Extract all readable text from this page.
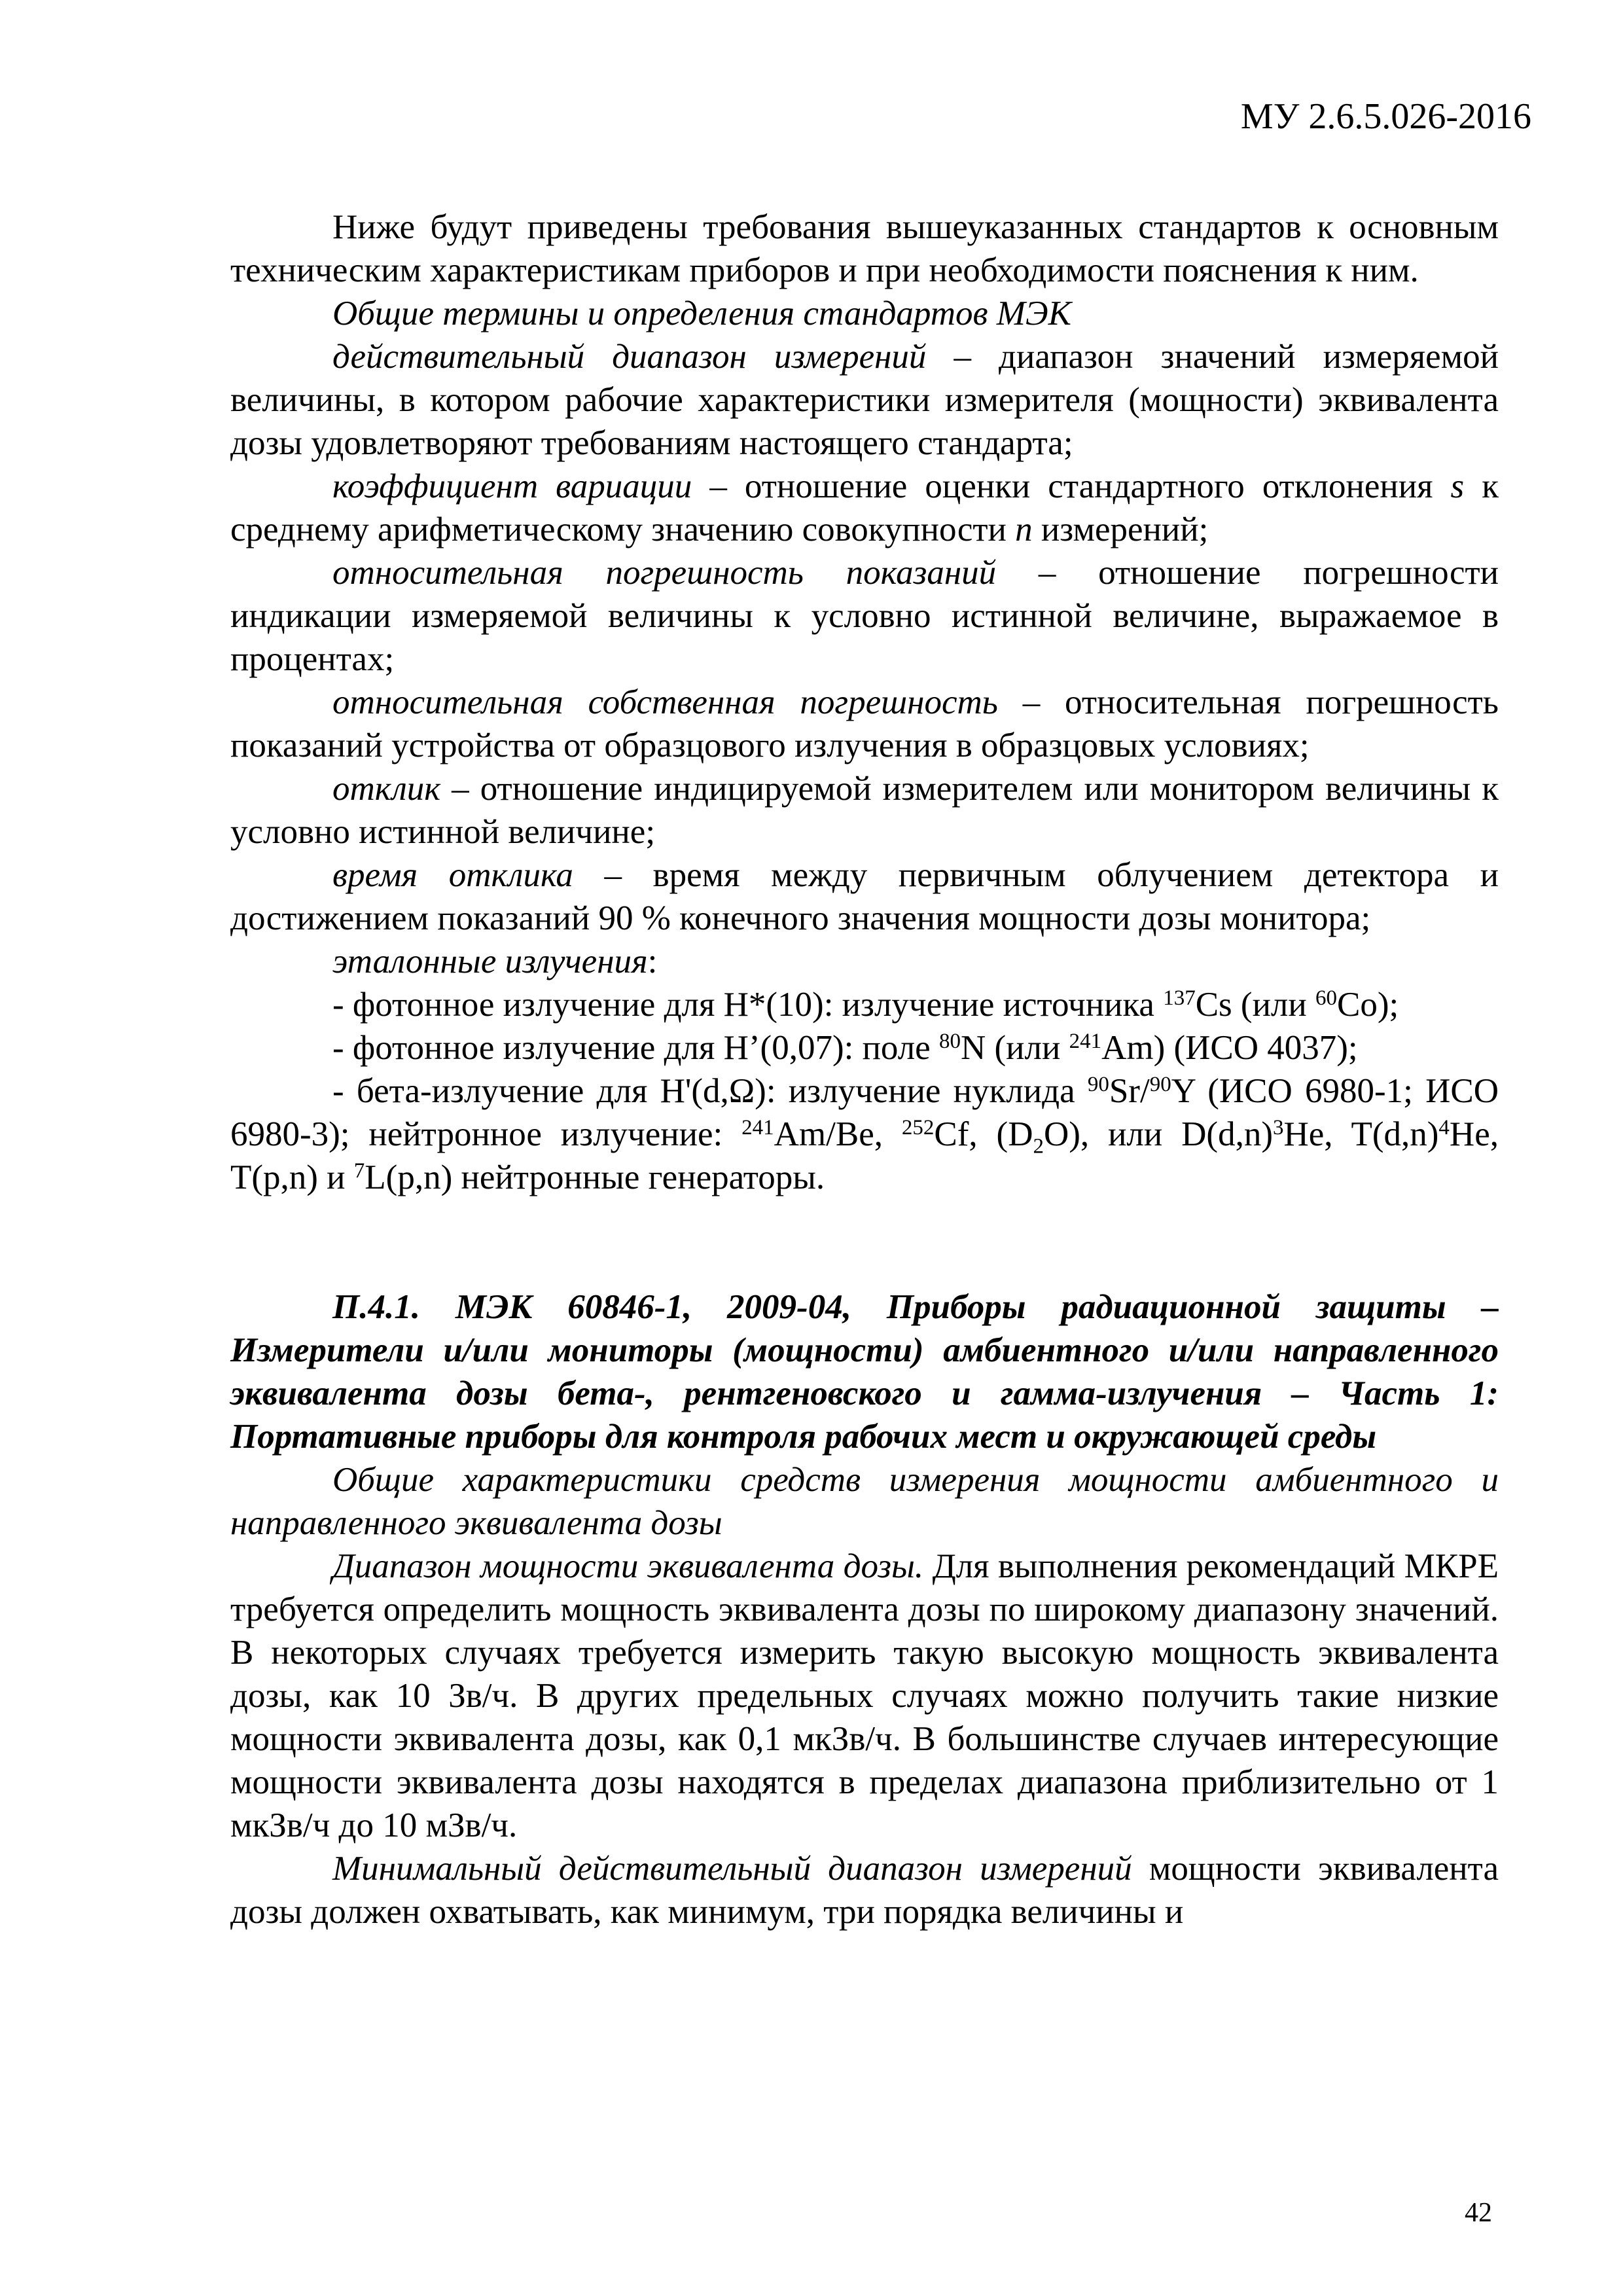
МУ 2.6.5.026-2016

Ниже будут приведены требования вышеуказанных стандартов к основным техническим характеристикам приборов и при необходимости пояснения к ним.

Общие термины и определения стандартов МЭК

действительный диапазон измерений – диапазон значений измеряемой величины, в котором рабочие характеристики измерителя (мощности) эквивалента дозы удовлетворяют требованиям настоящего стандарта;

коэффициент вариации – отношение оценки стандартного отклонения s к среднему арифметическому значению совокупности n измерений;

относительная погрешность показаний – отношение погрешности индикации измеряемой величины к условно истинной величине, выражаемое в процентах;

относительная собственная погрешность – относительная погрешность показаний устройства от образцового излучения в образцовых условиях;

отклик – отношение индицируемой измерителем или монитором величины к условно истинной величине;

время отклика – время между первичным облучением детектора и достижением показаний 90 % конечного значения мощности дозы монитора;

эталонные излучения:

- фотонное излучение для H*(10): излучение источника $^{137}$Cs (или $^{60}$Co);

- фотонное излучение для H’(0,07): поле $^{80}$N (или $^{241}$Am) (ИСО 4037);

- бета-излучение для H'(d,Ω): излучение нуклида $^{90}$Sr/$^{90}$Y (ИСО 6980-1; ИСО 6980-3); нейтронное излучение: $^{241}$Am/Be, $^{252}$Cf, $(D_2O)$, или $D(d,n)^3He$, $T(d,n)^4He$, T(p,n) и $^7$L(p,n) нейтронные генераторы.

П.4.1. МЭК 60846-1, 2009-04, Приборы радиационной защиты – Измерители и/или мониторы (мощности) амбиентного и/или направленного эквивалента дозы бета-, рентгеновского и гамма-излучения – Часть 1: Портативные приборы для контроля рабочих мест и окружающей среды

Общие характеристики средств измерения мощности амбиентного и направленного эквивалента дозы

Диапазон мощности эквивалента дозы. Для выполнения рекомендаций МКРЕ требуется определить мощность эквивалента дозы по широкому диапазону значений. В некоторых случаях требуется измерить такую высокую мощность эквивалента дозы, как 10 Зв/ч. В других предельных случаях можно получить такие низкие мощности эквивалента дозы, как 0,1 мкЗв/ч. В большинстве случаев интересующие мощности эквивалента дозы находятся в пределах диапазона приблизительно от 1 мкЗв/ч до 10 мЗв/ч.

Минимальный действительный диапазон измерений мощности эквивалента дозы должен охватывать, как минимум, три порядка величины и

42
